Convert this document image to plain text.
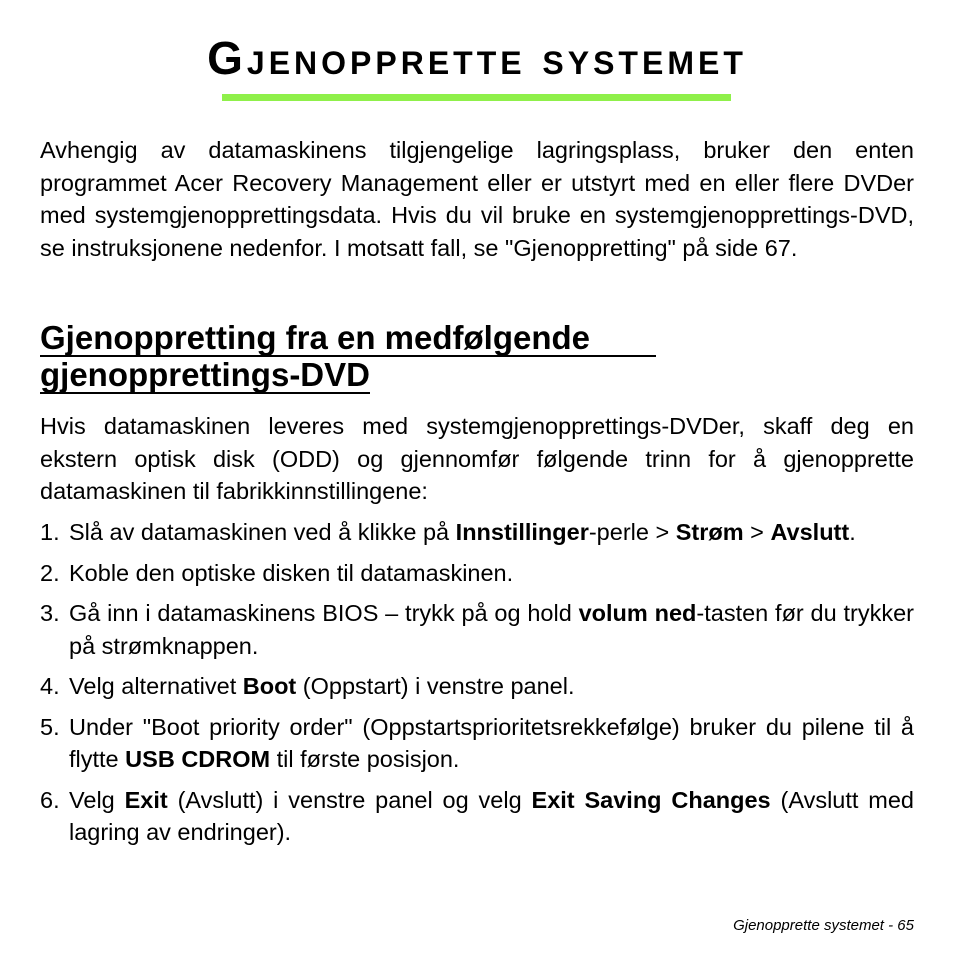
Gjenopprette systemet

Avhengig av datamaskinens tilgjengelige lagringsplass, bruker den enten programmet Acer Recovery Management eller er utstyrt med en eller flere DVDer med systemgjenopprettingsdata. Hvis du vil bruke en systemgjenopprettings-DVD, se instruksjonene nedenfor. I motsatt fall, se "Gjenoppretting" på side 67.

Gjenoppretting fra en medfølgende
gjenopprettings-DVD

Hvis datamaskinen leveres med systemgjenopprettings-DVDer, skaff deg en ekstern optisk disk (ODD) og gjennomfør følgende trinn for å gjenopprette datamaskinen til fabrikkinnstillingene:

1. Slå av datamaskinen ved å klikke på Innstillinger-perle > Strøm > Avslutt.
2. Koble den optiske disken til datamaskinen.
3. Gå inn i datamaskinens BIOS – trykk på og hold volum ned-tasten før du trykker på strømknappen.
4. Velg alternativet Boot (Oppstart) i venstre panel.
5. Under "Boot priority order" (Oppstartsprioritetsrekkefølge) bruker du pilene til å flytte USB CDROM til første posisjon.
6. Velg Exit (Avslutt) i venstre panel og velg Exit Saving Changes (Avslutt med lagring av endringer).
Gjenopprette systemet - 65
